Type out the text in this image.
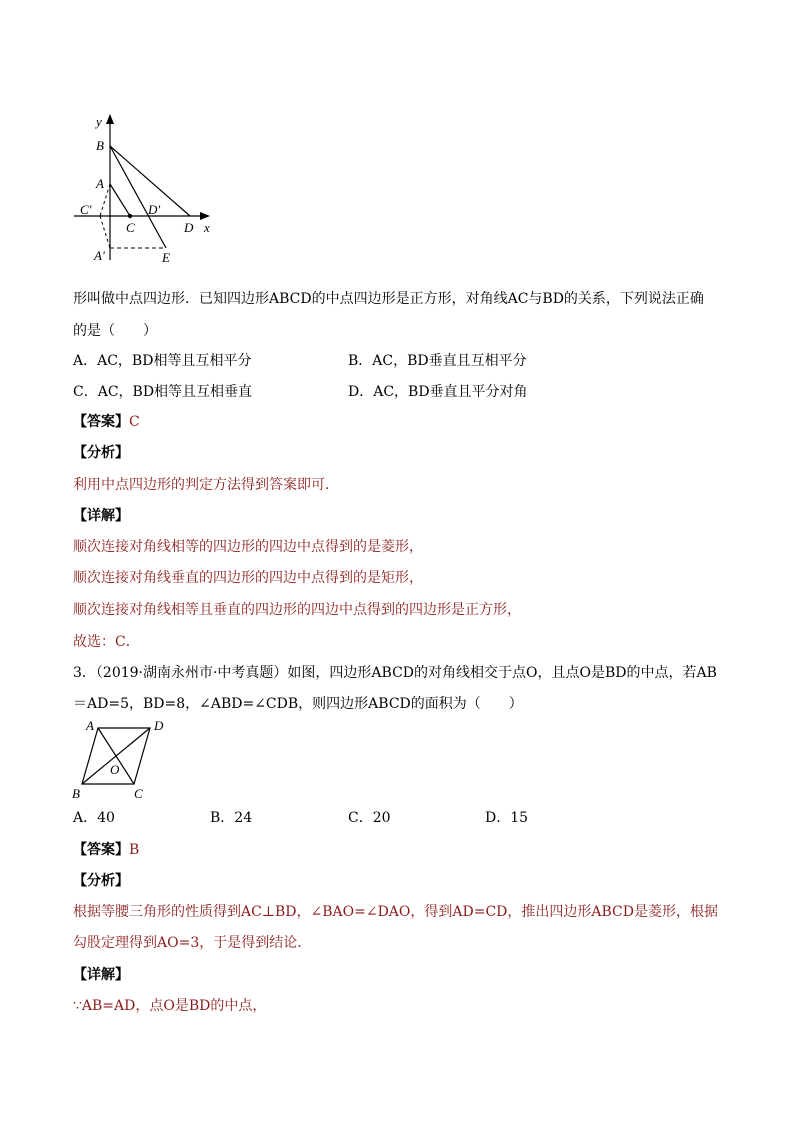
y
B
A
C'	D'
C	D x
A'	E
形叫做中点四边形．已知四边形ABCD的中点四边形是正方形，对角线AC与BD的关系，下列说法正确
的是（　　）
A．AC，BD相等且互相平分	B．AC，BD垂直且互相平分
C．AC，BD相等且互相垂直	D．AC，BD垂直且平分对角
【答案】C
【分析】
利用中点四边形的判定方法得到答案即可．
【详解】
顺次连接对角线相等的四边形的四边中点得到的是菱形，
顺次连接对角线垂直的四边形的四边中点得到的是矩形，
顺次连接对角线相等且垂直的四边形的四边中点得到的四边形是正方形，
故选：C．
3．（2019·湖南永州市·中考真题）如图，四边形ABCD的对角线相交于点O，且点O是BD的中点，若AB
＝AD=5，BD=8，∠ABD=∠CDB，则四边形ABCD的面积为（　　）
A	D
O
B	C
A．40	B．24	C．20	D．15
【答案】B
【分析】
根据等腰三角形的性质得到AC⊥BD，∠BAO=∠DAO，得到AD=CD，推出四边形ABCD是菱形，根据
勾股定理得到AO=3，于是得到结论．
【详解】
∵AB=AD，点O是BD的中点，
